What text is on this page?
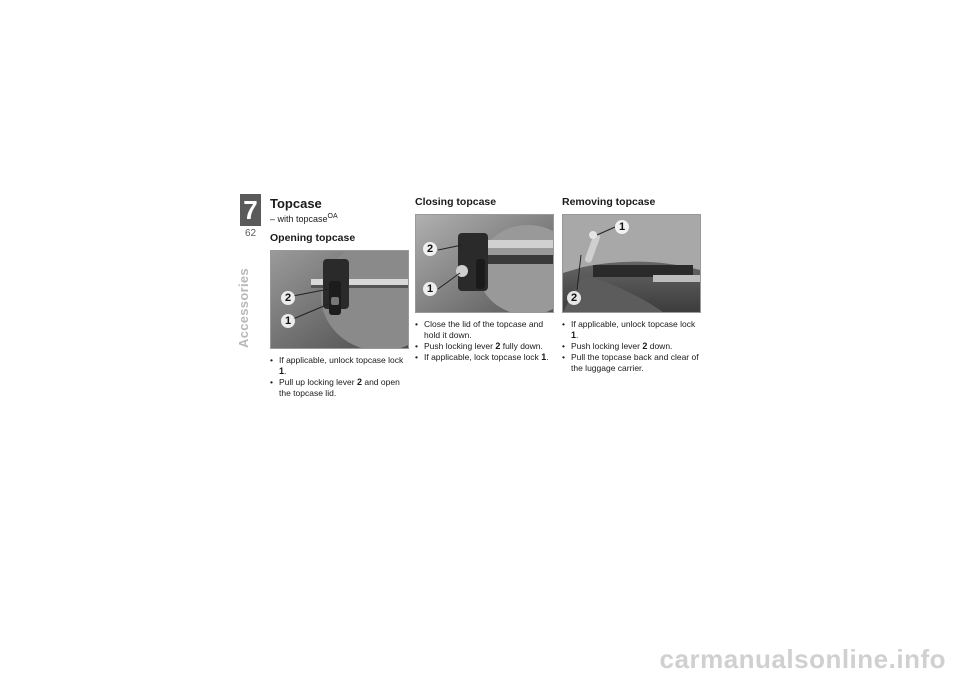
7
62
Accessories
Topcase
– with topcase$^{OA}$
Opening topcase
2
1
• If applicable, unlock topcase lock 1.
• Pull up locking lever 2 and open the topcase lid.
Closing topcase
2
1
• Close the lid of the topcase and hold it down.
• Push locking lever 2 fully down.
• If applicable, lock topcase lock 1.
Removing topcase
1
2
• If applicable, unlock topcase lock 1.
• Push locking lever 2 down.
• Pull the topcase back and clear of the luggage carrier.
carmanualsonline.info
